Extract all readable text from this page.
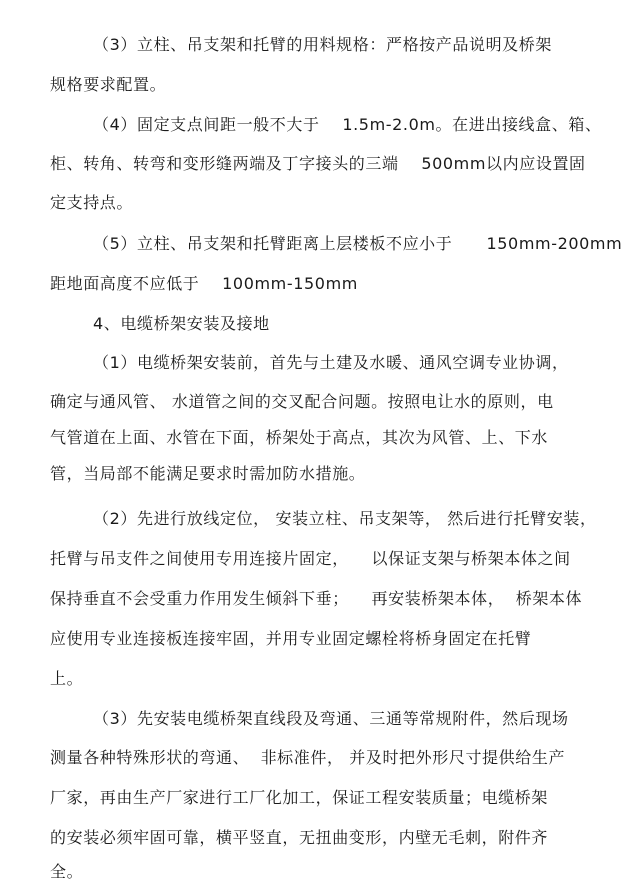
（3）立柱、吊支架和托臂的用料规格：严格按产品说明及桥架
规格要求配置。
（4）固定支点间距一般不大于    1.5m-2.0m。在进出接线盒、箱、
柜、转角、转弯和变形缝两端及丁字接头的三端    500mm以内应设置固
定支持点。
（5）立柱、吊支架和托臂距离上层楼板不应小于      150mm-200mm
距地面高度不应低于    100mm-150mm
4、电缆桥架安装及接地
（1）电缆桥架安装前，首先与土建及水暖、通风空调专业协调，
确定与通风管、 水道管之间的交叉配合问题。按照电让水的原则，电
气管道在上面、水管在下面，桥架处于高点，其次为风管、上、下水
管，当局部不能满足要求时需加防水措施。
（2）先进行放线定位， 安装立柱、吊支架等， 然后进行托臂安装，
托臂与吊支件之间使用专用连接片固定，    以保证支架与桥架本体之间
保持垂直不会受重力作用发生倾斜下垂；    再安装桥架本体，  桥架本体
应使用专业连接板连接牢固，并用专业固定螺栓将桥身固定在托臂
上。
（3）先安装电缆桥架直线段及弯通、三通等常规附件，然后现场
测量各种特殊形状的弯通、  非标准件， 并及时把外形尺寸提供给生产
厂家，再由生产厂家进行工厂化加工，保证工程安装质量；电缆桥架
的安装必须牢固可靠，横平竖直，无扭曲变形，内壁无毛刺，附件齐
全。
